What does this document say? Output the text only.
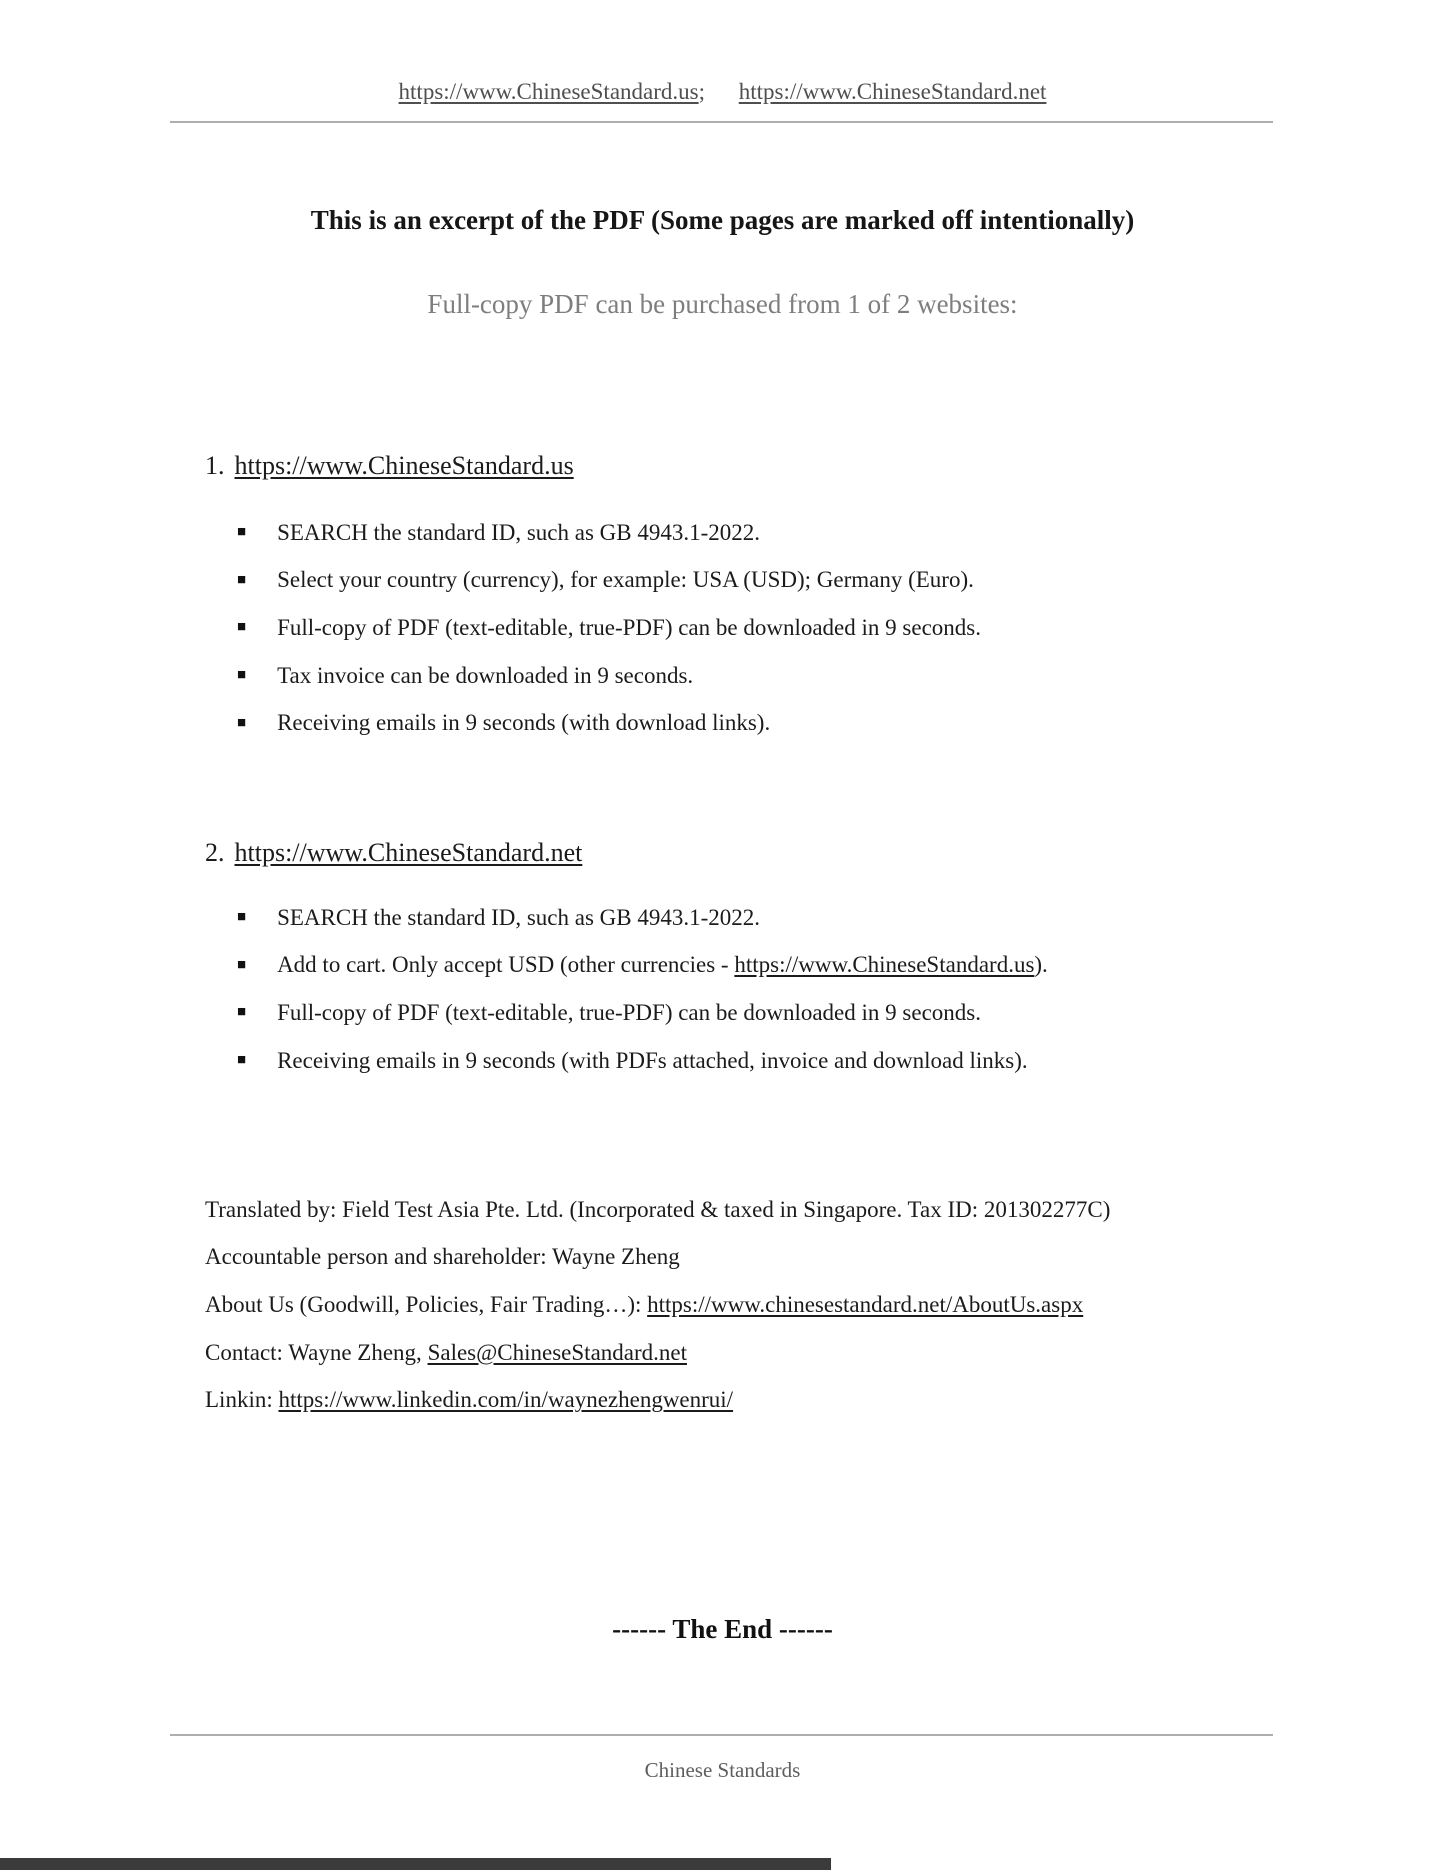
https://www.ChineseStandard.us; https://www.ChineseStandard.net
This is an excerpt of the PDF (Some pages are marked off intentionally)
Full-copy PDF can be purchased from 1 of 2 websites:
1. https://www.ChineseStandard.us
■ SEARCH the standard ID, such as GB 4943.1-2022.
■ Select your country (currency), for example: USA (USD); Germany (Euro).
■ Full-copy of PDF (text-editable, true-PDF) can be downloaded in 9 seconds.
■ Tax invoice can be downloaded in 9 seconds.
■ Receiving emails in 9 seconds (with download links).
2. https://www.ChineseStandard.net
■ SEARCH the standard ID, such as GB 4943.1-2022.
■ Add to cart. Only accept USD (other currencies - https://www.ChineseStandard.us).
■ Full-copy of PDF (text-editable, true-PDF) can be downloaded in 9 seconds.
■ Receiving emails in 9 seconds (with PDFs attached, invoice and download links).
Translated by: Field Test Asia Pte. Ltd. (Incorporated & taxed in Singapore. Tax ID: 201302277C)
Accountable person and shareholder: Wayne Zheng
About Us (Goodwill, Policies, Fair Trading…): https://www.chinesestandard.net/AboutUs.aspx
Contact: Wayne Zheng, Sales@ChineseStandard.net
Linkin: https://www.linkedin.com/in/waynezhengwenrui/
------ The End ------
Chinese Standards
